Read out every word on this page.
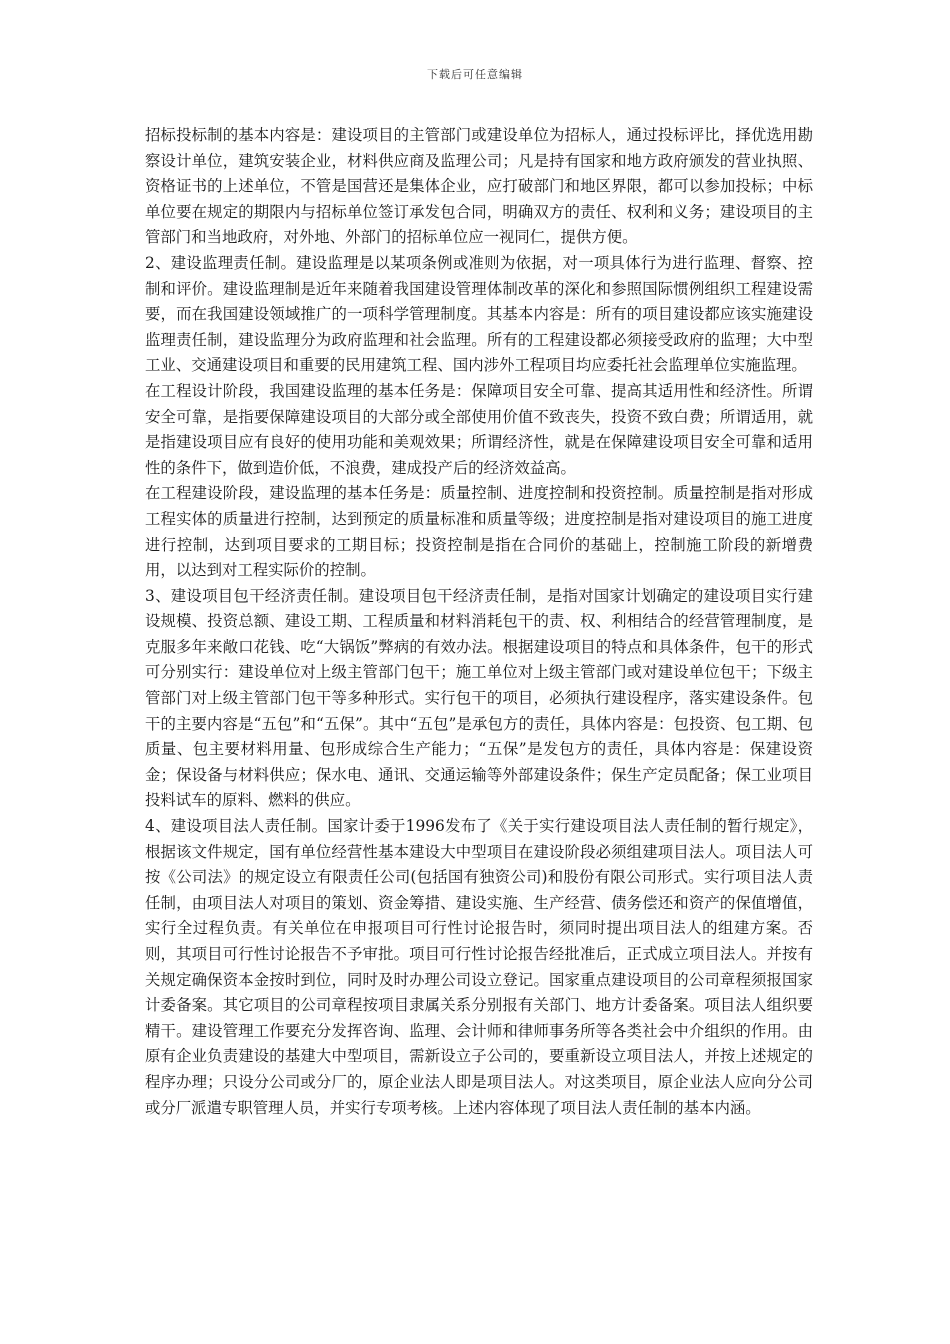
下载后可任意编辑

招标投标制的基本内容是：建设项目的主管部门或建设单位为招标人，通过投标评比，择优选用勘察设计单位，建筑安装企业，材料供应商及监理公司；凡是持有国家和地方政府颁发的营业执照、资格证书的上述单位，不管是国营还是集体企业，应打破部门和地区界限，都可以参加投标；中标单位要在规定的期限内与招标单位签订承发包合同，明确双方的责任、权利和义务；建设项目的主管部门和当地政府，对外地、外部门的招标单位应一视同仁，提供方便。

2、建设监理责任制。建设监理是以某项条例或准则为依据，对一项具体行为进行监理、督察、控制和评价。建设监理制是近年来随着我国建设管理体制改革的深化和参照国际惯例组织工程建设需要，而在我国建设领域推广的一项科学管理制度。其基本内容是：所有的项目建设都应该实施建设监理责任制，建设监理分为政府监理和社会监理。所有的工程建设都必须接受政府的监理；大中型工业、交通建设项目和重要的民用建筑工程、国内涉外工程项目均应委托社会监理单位实施监理。

在工程设计阶段，我国建设监理的基本任务是：保障项目安全可靠、提高其适用性和经济性。所谓安全可靠，是指要保障建设项目的大部分或全部使用价值不致丧失，投资不致白费；所谓适用，就是指建设项目应有良好的使用功能和美观效果；所谓经济性，就是在保障建设项目安全可靠和适用性的条件下，做到造价低，不浪费，建成投产后的经济效益高。

在工程建设阶段，建设监理的基本任务是：质量控制、进度控制和投资控制。质量控制是指对形成工程实体的质量进行控制，达到预定的质量标准和质量等级；进度控制是指对建设项目的施工进度进行控制，达到项目要求的工期目标；投资控制是指在合同价的基础上，控制施工阶段的新增费用，以达到对工程实际价的控制。

3、建设项目包干经济责任制。建设项目包干经济责任制，是指对国家计划确定的建设项目实行建设规模、投资总额、建设工期、工程质量和材料消耗包干的责、权、利相结合的经营管理制度，是克服多年来敞口花钱、吃“大锅饭”弊病的有效办法。根据建设项目的特点和具体条件，包干的形式可分别实行：建设单位对上级主管部门包干；施工单位对上级主管部门或对建设单位包干；下级主管部门对上级主管部门包干等多种形式。实行包干的项目，必须执行建设程序，落实建设条件。包干的主要内容是“五包”和“五保”。其中“五包”是承包方的责任，具体内容是：包投资、包工期、包质量、包主要材料用量、包形成综合生产能力；“五保”是发包方的责任，具体内容是：保建设资金；保设备与材料供应；保水电、通讯、交通运输等外部建设条件；保生产定员配备；保工业项目投料试车的原料、燃料的供应。

4、建设项目法人责任制。国家计委于1996发布了《关于实行建设项目法人责任制的暂行规定》，根据该文件规定，国有单位经营性基本建设大中型项目在建设阶段必须组建项目法人。项目法人可按《公司法》的规定设立有限责任公司(包括国有独资公司)和股份有限公司形式。实行项目法人责任制，由项目法人对项目的策划、资金筹措、建设实施、生产经营、债务偿还和资产的保值增值，实行全过程负责。有关单位在申报项目可行性讨论报告时，须同时提出项目法人的组建方案。否则，其项目可行性讨论报告不予审批。项目可行性讨论报告经批准后，正式成立项目法人。并按有关规定确保资本金按时到位，同时及时办理公司设立登记。国家重点建设项目的公司章程须报国家计委备案。其它项目的公司章程按项目隶属关系分别报有关部门、地方计委备案。项目法人组织要精干。建设管理工作要充分发挥咨询、监理、会计师和律师事务所等各类社会中介组织的作用。由原有企业负责建设的基建大中型项目，需新设立子公司的，要重新设立项目法人，并按上述规定的程序办理；只设分公司或分厂的，原企业法人即是项目法人。对这类项目，原企业法人应向分公司或分厂派遣专职管理人员，并实行专项考核。上述内容体现了项目法人责任制的基本内涵。
